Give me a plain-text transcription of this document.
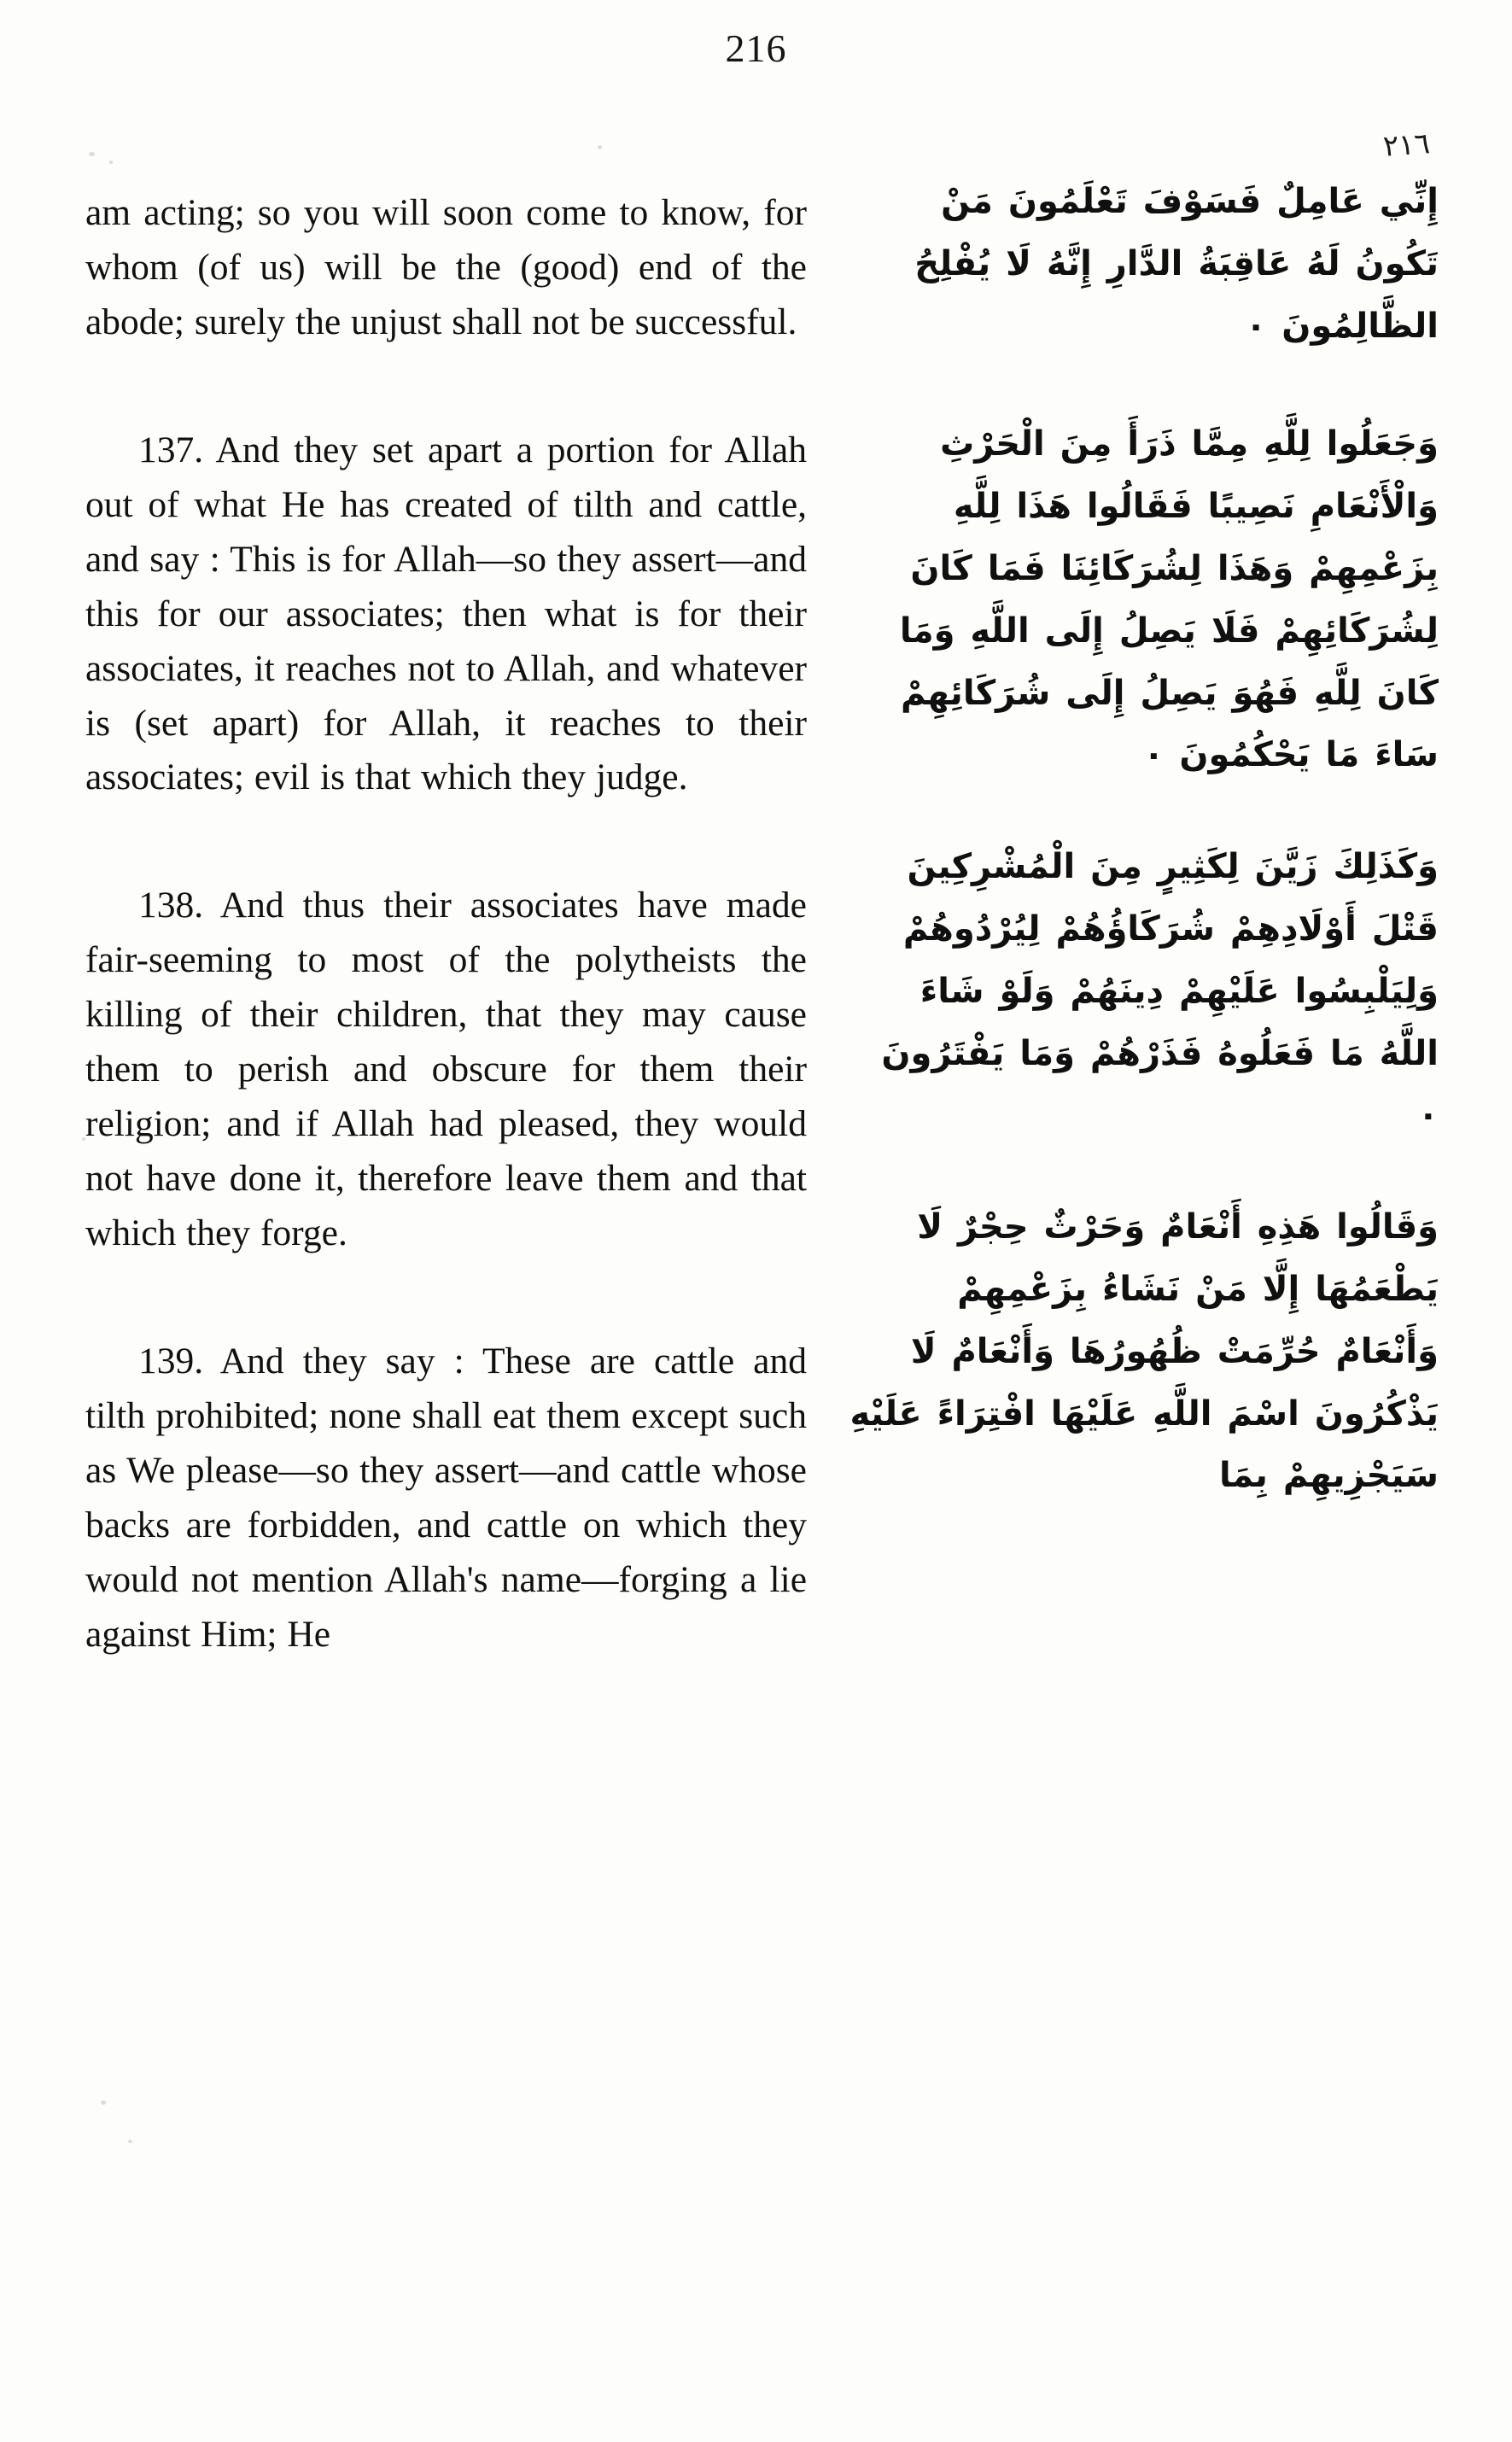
216
٢١٦

am acting; so you will soon come to know, for whom (of us) will be the (good) end of the abode; surely the unjust shall not be successful.

137. And they set apart a portion for Allah out of what He has created of tilth and cattle, and say : This is for Allah—so they assert—and this for our associates; then what is for their associates, it reaches not to Allah, and whatever is (set apart) for Allah, it reaches to their associates; evil is that which they judge.

138. And thus their associates have made fair-seeming to most of the polytheists the killing of their children, that they may cause them to perish and obscure for them their religion; and if Allah had pleased, they would not have done it, therefore leave them and that which they forge.

139. And they say : These are cattle and tilth prohibited; none shall eat them except such as We please—so they assert—and cattle whose backs are forbidden, and cattle on which they would not mention Allah's name—forging a lie against Him; He

إِنِّي عَامِلٌ فَسَوْفَ تَعْلَمُونَ مَنْ تَكُونُ لَهُ عَاقِبَةُ الدَّارِ إِنَّهُ لَا يُفْلِحُ الظَّالِمُونَ ٠

وَجَعَلُوا لِلَّهِ مِمَّا ذَرَأَ مِنَ الْحَرْثِ وَالْأَنْعَامِ نَصِيبًا فَقَالُوا هَذَا لِلَّهِ بِزَعْمِهِمْ وَهَذَا لِشُرَكَائِنَا فَمَا كَانَ لِشُرَكَائِهِمْ فَلَا يَصِلُ إِلَى اللَّهِ وَمَا كَانَ لِلَّهِ فَهُوَ يَصِلُ إِلَى شُرَكَائِهِمْ سَاءَ مَا يَحْكُمُونَ ٠

وَكَذَلِكَ زَيَّنَ لِكَثِيرٍ مِنَ الْمُشْرِكِينَ قَتْلَ أَوْلَادِهِمْ شُرَكَاؤُهُمْ لِيُرْدُوهُمْ وَلِيَلْبِسُوا عَلَيْهِمْ دِينَهُمْ وَلَوْ شَاءَ اللَّهُ مَا فَعَلُوهُ فَذَرْهُمْ وَمَا يَفْتَرُونَ ٠

وَقَالُوا هَذِهِ أَنْعَامٌ وَحَرْثٌ حِجْرٌ لَا يَطْعَمُهَا إِلَّا مَنْ نَشَاءُ بِزَعْمِهِمْ وَأَنْعَامٌ حُرِّمَتْ ظُهُورُهَا وَأَنْعَامٌ لَا يَذْكُرُونَ اسْمَ اللَّهِ عَلَيْهَا افْتِرَاءً عَلَيْهِ سَيَجْزِيهِمْ بِمَا
